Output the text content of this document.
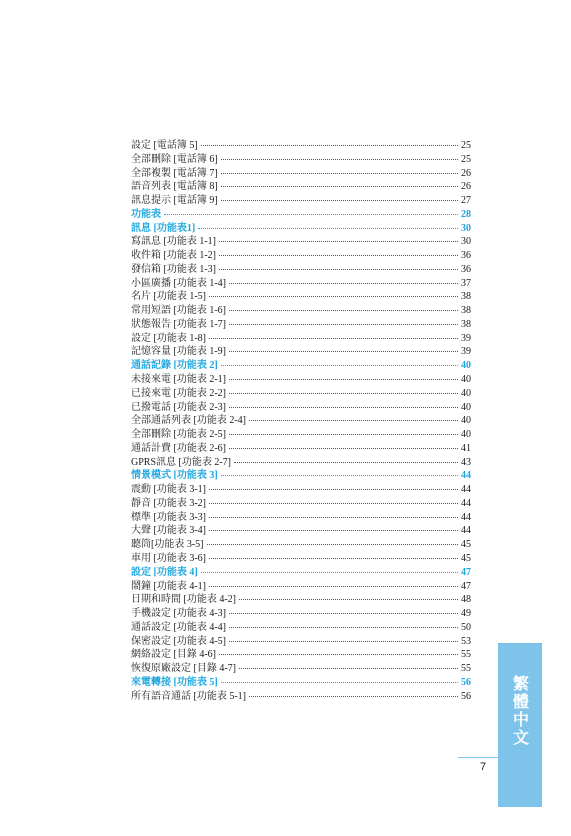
設定 [電話簿 5]	25
全部刪除 [電話簿 6]	25
全部複製 [電話簿 7]	26
語音列表 [電話簿 8]	26
訊息提示 [電話簿 9]	27
功能表	28
訊息 [功能表1]	30
寫訊息 [功能表 1-1]	30
收件箱 [功能表 1-2]	36
發信箱 [功能表 1-3]	36
小區廣播 [功能表 1-4]	37
名片 [功能表 1-5]	38
常用短語 [功能表 1-6]	38
狀態報告 [功能表 1-7]	38
設定 [功能表 1-8]	39
記憶容量 [功能表 1-9]	39
通話記錄 [功能表 2]	40
未接來電 [功能表 2-1]	40
已接來電 [功能表 2-2]	40
已撥電話 [功能表 2-3]	40
全部通話列表 [功能表 2-4]	40
全部刪除 [功能表 2-5]	40
通話計費 [功能表 2-6]	41
GPRS訊息 [功能表 2-7]	43
情景模式 [功能表 3]	44
震動 [功能表 3-1]	44
靜音 [功能表 3-2]	44
標準 [功能表 3-3]	44
大聲 [功能表 3-4]	44
聽筒[功能表 3-5]	45
車用 [功能表 3-6]	45
設定 [功能表 4]	47
鬧鐘 [功能表 4-1]	47
日期和時間 [功能表 4-2]	48
手機設定 [功能表 4-3]	49
通話設定 [功能表 4-4]	50
保密設定 [功能表 4-5]	53
網絡設定 [目錄 4-6]	55
恢復原廠設定 [目錄 4-7]	55
來電轉接 [功能表 5]	56
所有語音通話 [功能表 5-1]	56	繁體中文
7
